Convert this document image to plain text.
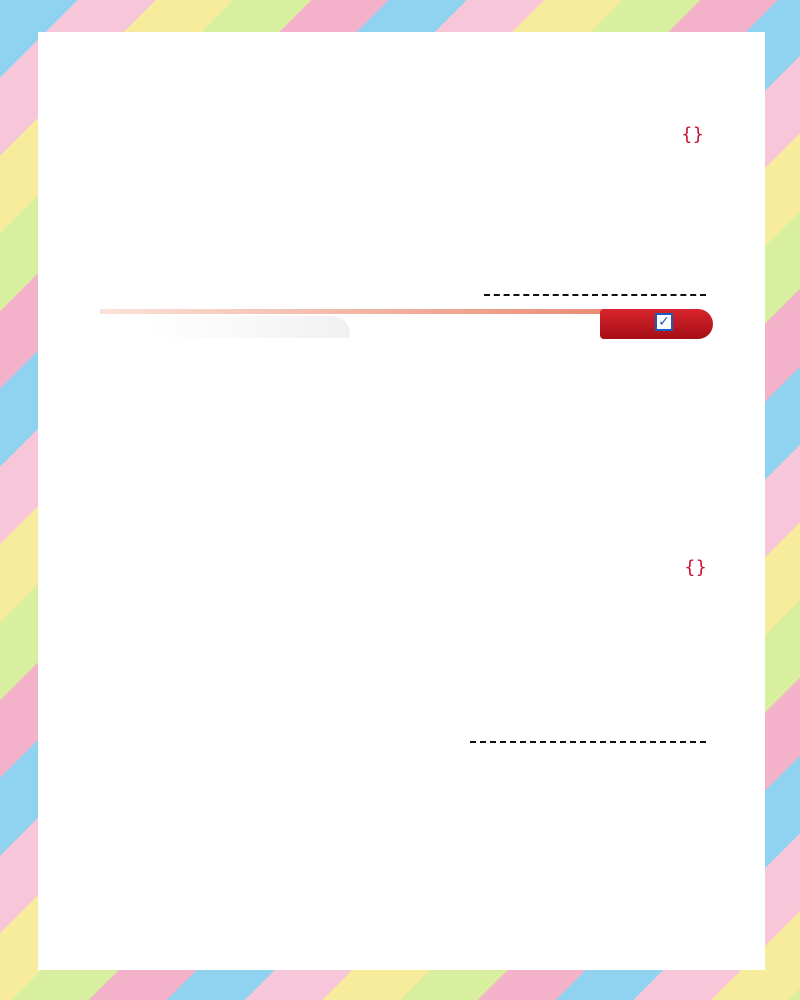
{}
✓
{}
